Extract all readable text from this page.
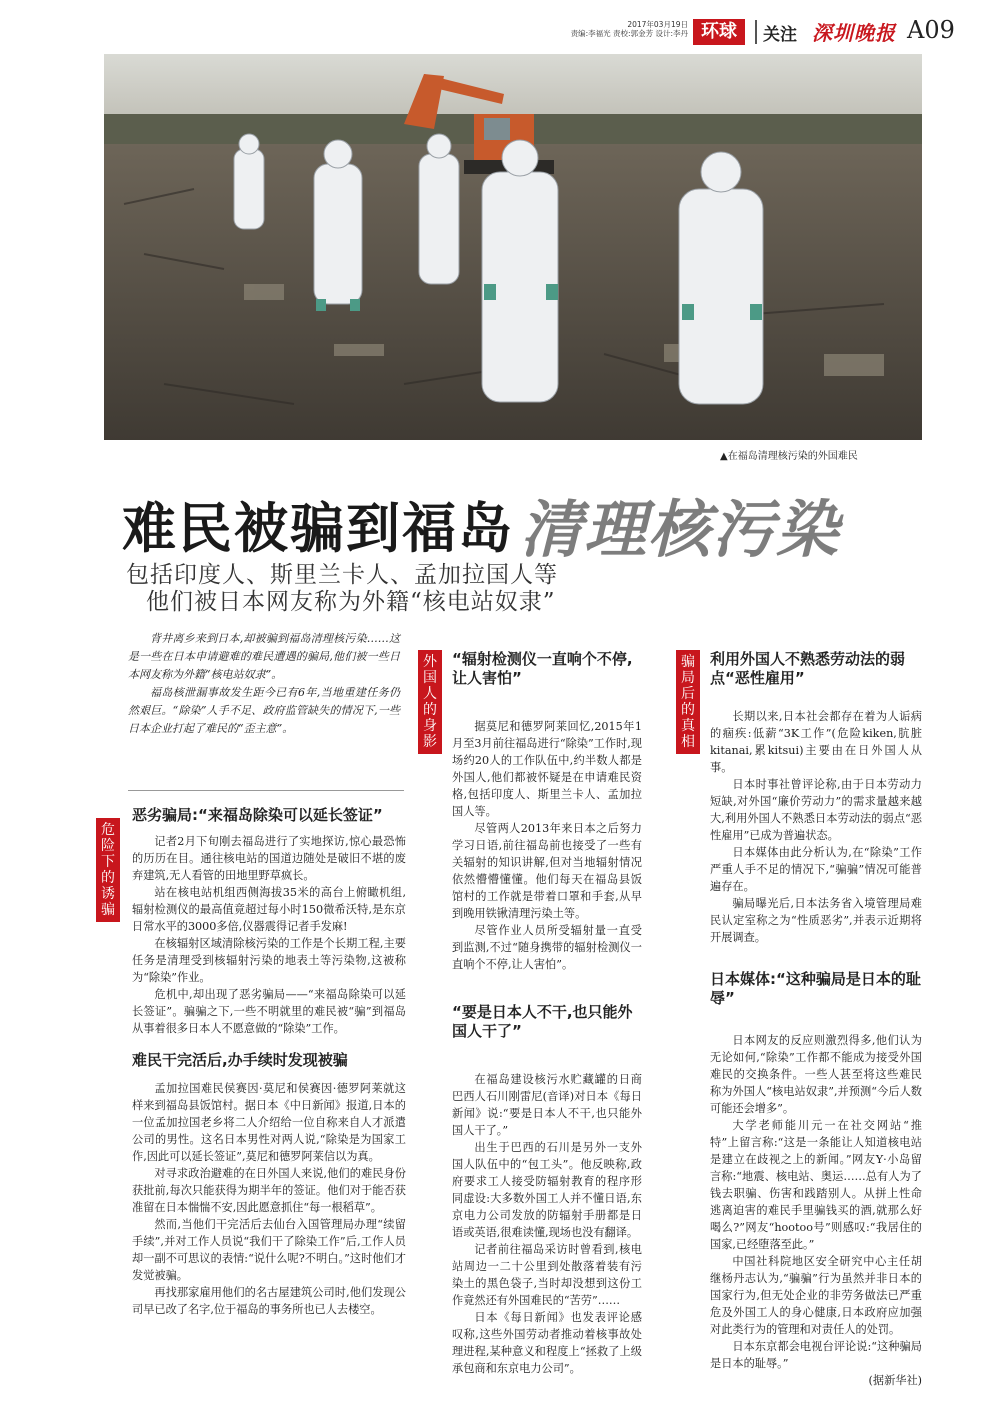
2017年03月19日
责编:李福光 责校:郭金芳 设计:李丹 环球	关注 深圳晚报 A09
▲在福岛清理核污染的外国难民
难民被骗到福岛 清理核污染
包括印度人、斯里兰卡人、孟加拉国人等
他们被日本网友称为外籍“核电站奴隶”

背井离乡来到日本,却被骗到福岛清理核污染……这是一些在日本申请避难的难民遭遇的骗局,他们被一些日本网友称为外籍“核电站奴隶”。

福岛核泄漏事故发生距今已有6年,当地重建任务仍然艰巨。“除染”人手不足、政府监管缺失的情况下,一些日本企业打起了难民的“歪主意”。

危
险
下
的
诱
骗
恶劣骗局:“来福岛除染可以延长签证”

记者2月下旬刚去福岛进行了实地探访,惊心最恐怖的历历在目。通往核电站的国道边随处是破旧不堪的废弃建筑,无人看管的田地里野草疯长。

站在核电站机组西侧海拔35米的高台上俯瞰机组,辐射检测仪的最高值竟超过每小时150微希沃特,是东京日常水平的3000多倍,仪器震得记者手发麻!

在核辐射区域清除核污染的工作是个长期工程,主要任务是清理受到核辐射污染的地表土等污染物,这被称为“除染”作业。

危机中,却出现了恶劣骗局——“来福岛除染可以延长签证”。骗骗之下,一些不明就里的难民被“骗”到福岛从事着很多日本人不愿意做的“除染”工作。

难民干完活后,办手续时发现被骗

孟加拉国难民侯赛因·莫尼和侯赛因·德罗阿莱就这样来到福岛县饭馆村。据日本《中日新闻》报道,日本的一位孟加拉国老乡将二人介绍给一位自称来自人才派遣公司的男性。这名日本男性对两人说,“除染是为国家工作,因此可以延长签证”,莫尼和德罗阿莱信以为真。

对寻求政治避难的在日外国人来说,他们的难民身份获批前,每次只能获得为期半年的签证。他们对于能否获准留在日本惴惴不安,因此愿意抓住“每一根稻草”。

然而,当他们干完活后去仙台入国管理局办理“续留手续”,并对工作人员说“我们干了除染工作”后,工作人员却一副不可思议的表情:“说什么呢?不明白。”这时他们才发觉被骗。

再找那家雇用他们的名古屋建筑公司时,他们发现公司早已改了名字,位于福岛的事务所也已人去楼空。

外
国
人
的
身
影
“辐射检测仪一直响个不停,让人害怕”

据莫尼和德罗阿莱回忆,2015年1月至3月前往福岛进行“除染”工作时,现场约20人的工作队伍中,约半数人都是外国人,他们都被怀疑是在申请难民资格,包括印度人、斯里兰卡人、孟加拉国人等。

尽管两人2013年来日本之后努力学习日语,前往福岛前也接受了一些有关辐射的知识讲解,但对当地辐射情况依然懵懵懂懂。他们每天在福岛县饭馆村的工作就是带着口罩和手套,从早到晚用铁锹清理污染土等。

尽管作业人员所受辐射量一直受到监测,不过“随身携带的辐射检测仪一直响个不停,让人害怕”。

“要是日本人不干,也只能外国人干了”

在福岛建设核污水贮藏罐的日商巴西人石川刚雷尼(音译)对日本《每日新闻》说:“要是日本人不干,也只能外国人干了。”

出生于巴西的石川是另外一支外国人队伍中的“包工头”。他反映称,政府要求工人接受防辐射教育的程序形同虚设:大多数外国工人并不懂日语,东京电力公司发放的防辐射手册都是日语或英语,很难读懂,现场也没有翻译。

记者前往福岛采访时曾看到,核电站周边一二十公里到处散落着装有污染土的黑色袋子,当时却没想到这份工作竟然还有外国难民的“苦劳”……

日本《每日新闻》也发表评论感叹称,这些外国劳动者推动着核事故处理进程,某种意义和程度上“拯救了上级承包商和东京电力公司”。

骗
局
后
的
真
相
利用外国人不熟悉劳动法的弱点“恶性雇用”

长期以来,日本社会都存在着为人诟病的痼疾:低薪“3K工作”(危险kiken,肮脏kitanai,累kitsui)主要由在日外国人从事。

日本时事社曾评论称,由于日本劳动力短缺,对外国“廉价劳动力”的需求量越来越大,利用外国人不熟悉日本劳动法的弱点“恶性雇用”已成为普遍状态。

日本媒体由此分析认为,在“除染”工作严重人手不足的情况下,“骗骗”情况可能普遍存在。

骗局曝光后,日本法务省入境管理局难民认定室称之为“性质恶劣”,并表示近期将开展调查。

日本媒体:“这种骗局是日本的耻辱”

日本网友的反应则激烈得多,他们认为无论如何,“除染”工作都不能成为接受外国难民的交换条件。一些人甚至将这些难民称为外国人“核电站奴隶”,并预测“今后人数可能还会增多”。

大学老师能川元一在社交网站“推特”上留言称:“这是一条能让人知道核电站是建立在歧视之上的新闻。”网友Y·小岛留言称:“地震、核电站、奥运……总有人为了钱去职骗、伤害和践踏别人。从拼上性命逃离迫害的难民手里骗钱买的酒,就那么好喝么?”网友“hootoo号”则感叹:“我居住的国家,已经堕落至此。”

中国社科院地区安全研究中心主任胡继杨丹志认为,“骗骗”行为虽然并非日本的国家行为,但无处企业的非劳务做法已严重危及外国工人的身心健康,日本政府应加强对此类行为的管理和对责任人的处罚。

日本东京都会电视台评论说:“这种骗局是日本的耻辱。”

(据新华社)
